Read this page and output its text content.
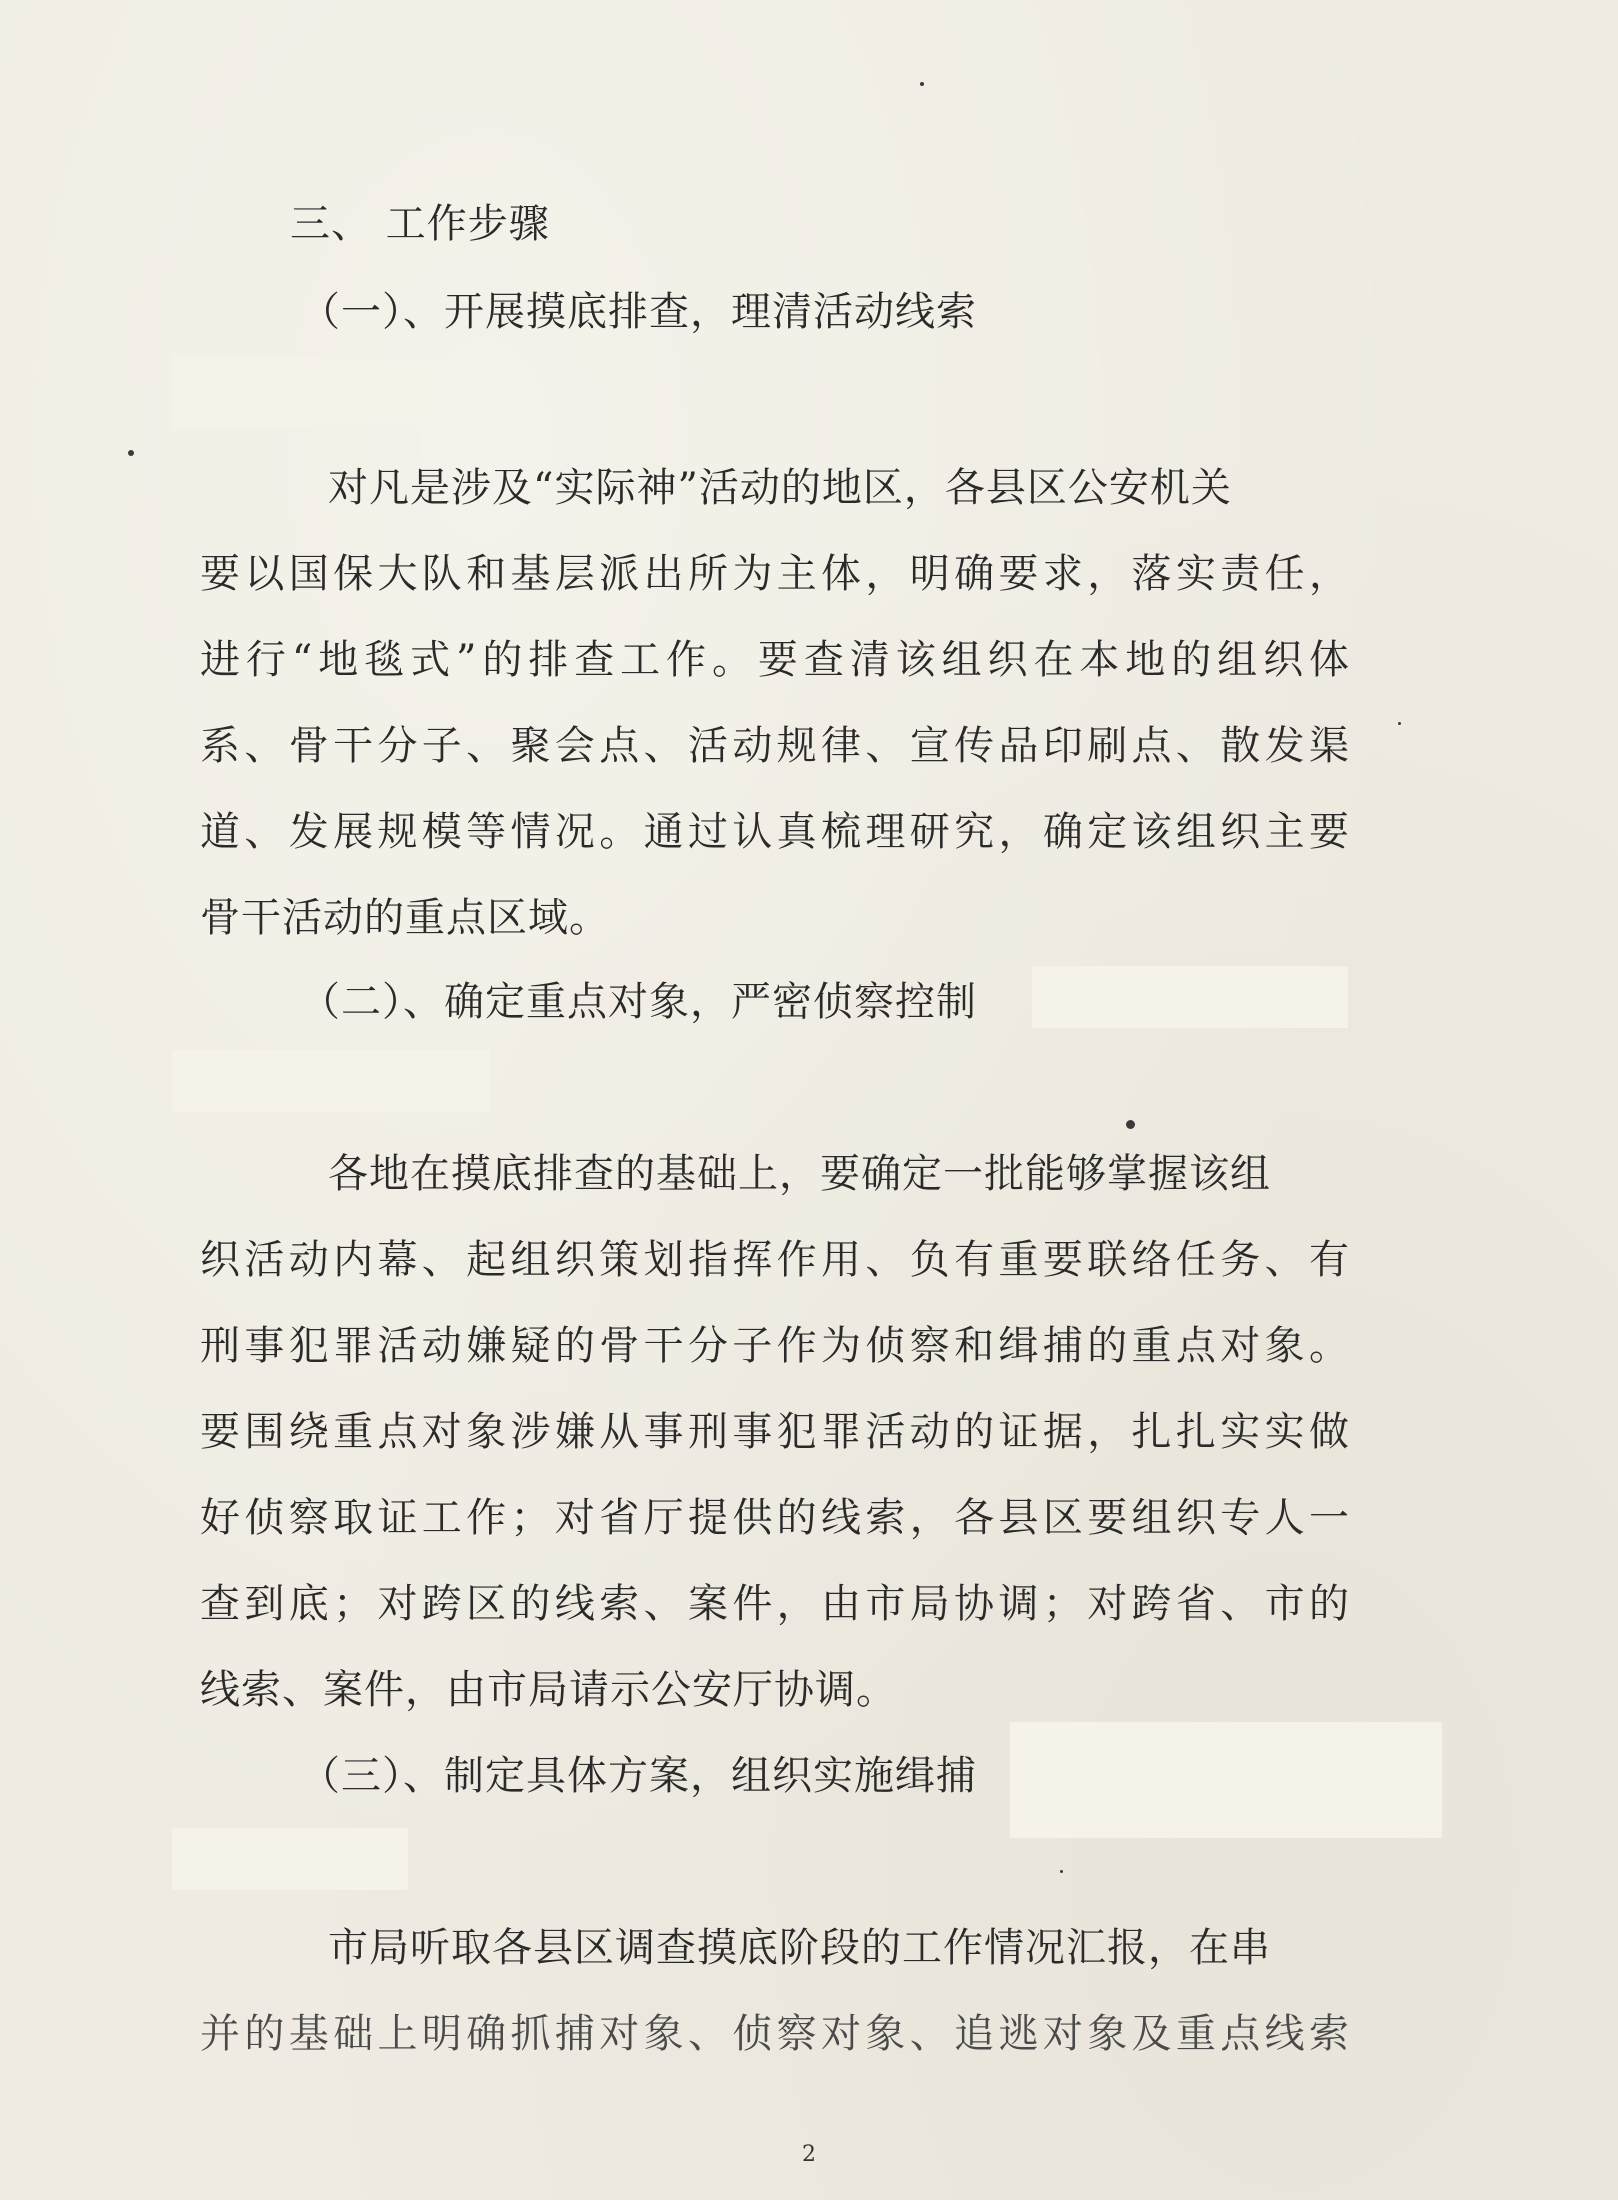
三、 工作步骤
（一）、开展摸底排查，理清活动线索
对凡是涉及“实际神”活动的地区，各县区公安机关
要以国保大队和基层派出所为主体，明确要求，落实责任，
进行“地毯式”的排查工作。要查清该组织在本地的组织体
系、骨干分子、聚会点、活动规律、宣传品印刷点、散发渠
道、发展规模等情况。通过认真梳理研究，确定该组织主要
骨干活动的重点区域。
（二）、确定重点对象，严密侦察控制
各地在摸底排查的基础上，要确定一批能够掌握该组
织活动内幕、起组织策划指挥作用、负有重要联络任务、有
刑事犯罪活动嫌疑的骨干分子作为侦察和缉捕的重点对象。
要围绕重点对象涉嫌从事刑事犯罪活动的证据，扎扎实实做
好侦察取证工作；对省厅提供的线索，各县区要组织专人一
查到底；对跨区的线索、案件，由市局协调；对跨省、市的
线索、案件，由市局请示公安厅协调。
（三）、制定具体方案，组织实施缉捕
市局听取各县区调查摸底阶段的工作情况汇报，在串
并的基础上明确抓捕对象、侦察对象、追逃对象及重点线索
2
